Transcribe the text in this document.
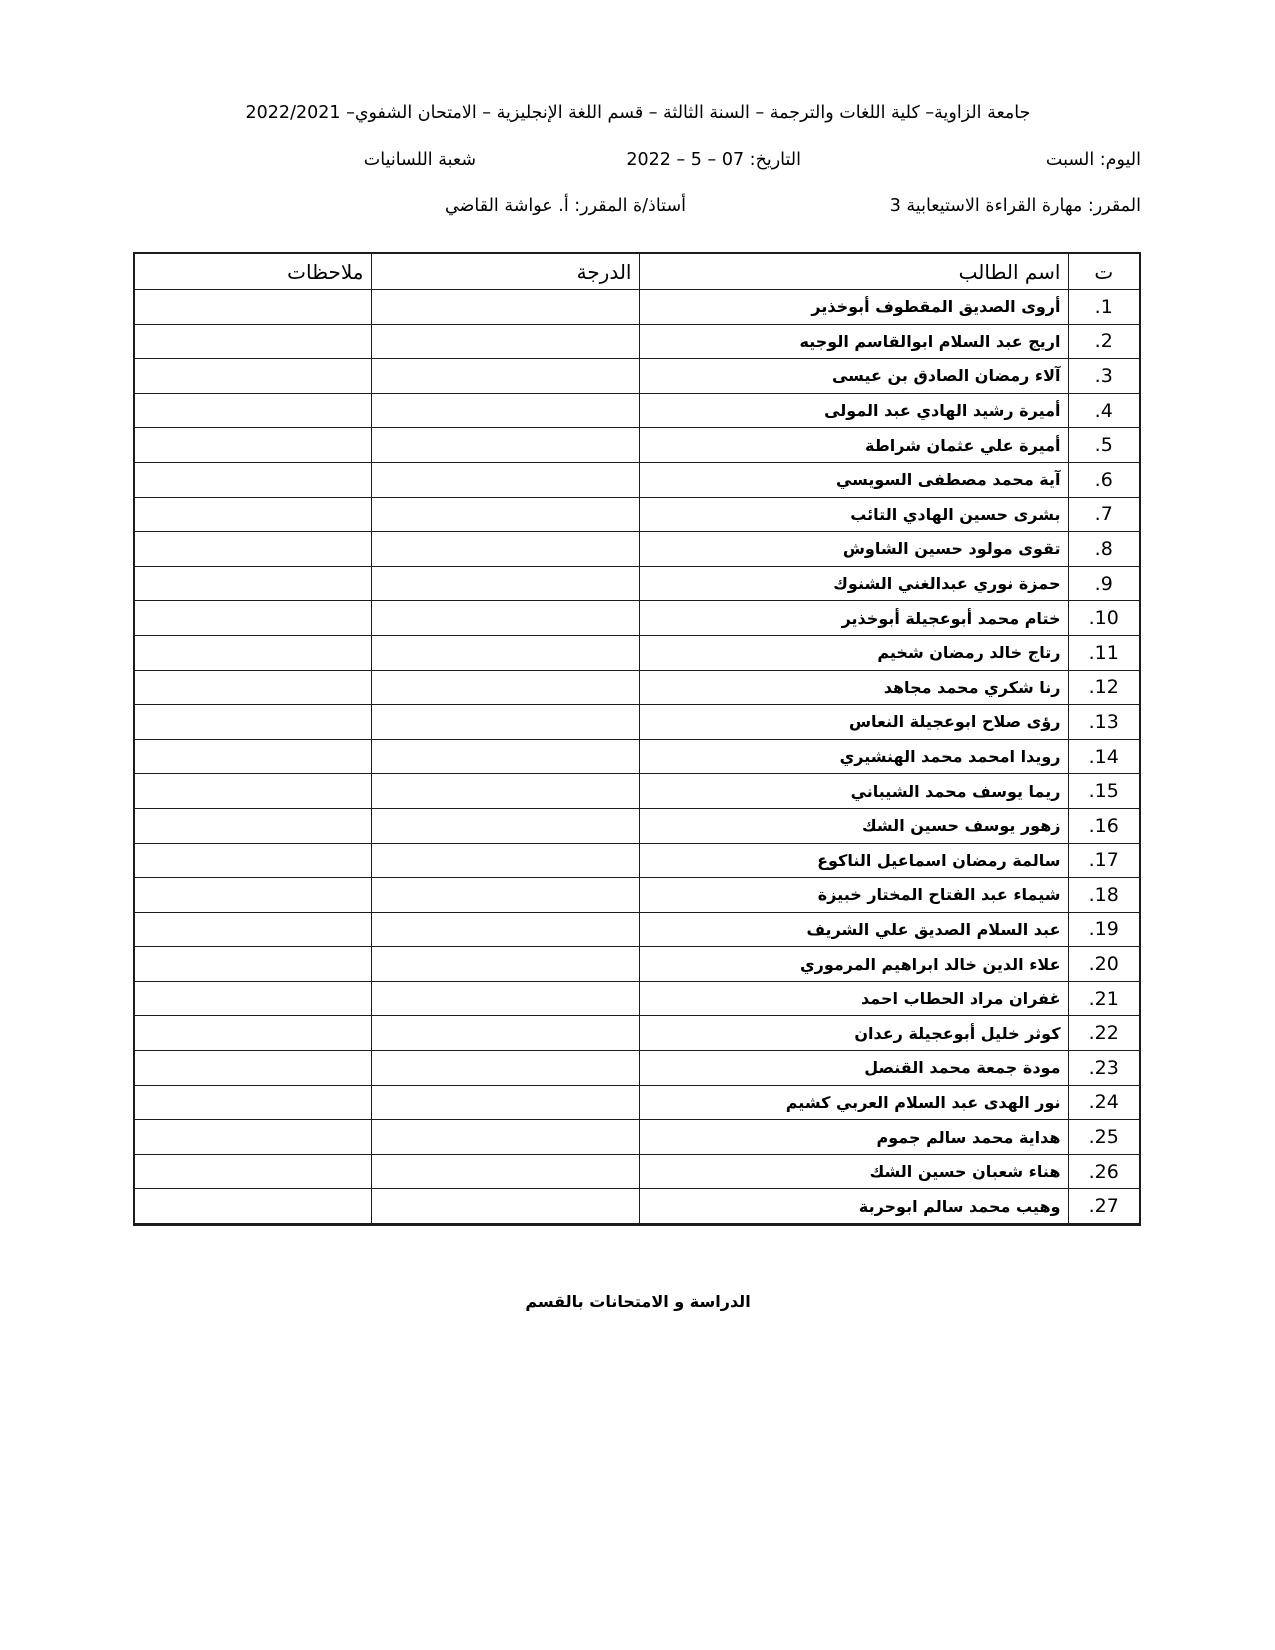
جامعة الزاوية– كلية اللغات والترجمة – السنة الثالثة – قسم اللغة الإنجليزية – الامتحان الشفوي– 2022/2021
اليوم: السبت
التاريخ: 07 – 5 – 2022
شعبة اللسانيات
المقرر: مهارة القراءة الاستيعابية 3
أستاذ/ة المقرر: أ. عواشة القاضي
ت	اسم الطالب	الدرجة	ملاحظات
1.	أروى الصديق المقطوف أبوخذير		
2.	اريج عبد السلام ابوالقاسم الوجيه		
3.	آلاء رمضان الصادق بن عيسى		
4.	أميرة رشيد الهادي عبد المولى		
5.	أميرة علي عثمان شراطة		
6.	آية محمد مصطفى السويسي		
7.	بشرى حسين الهادي التائب		
8.	تقوى مولود حسين الشاوش		
9.	حمزة نوري عبدالغني الشنوك		
10.	ختام محمد أبوعجيلة أبوخذير		
11.	رتاج خالد رمضان شخيم		
12.	رنا شكري محمد مجاهد		
13.	رؤى صلاح ابوعجيلة النعاس		
14.	رويدا امحمد محمد الهنشيري		
15.	ريما يوسف محمد الشيباني		
16.	زهور يوسف حسين الشك		
17.	سالمة رمضان اسماعيل الناكوع		
18.	شيماء عبد الفتاح المختار خبيزة		
19.	عبد السلام الصديق علي الشريف		
20.	علاء الدين خالد ابراهيم المرموري		
21.	غفران مراد الحطاب احمد		
22.	كوثر خليل أبوعجيلة رعدان		
23.	مودة جمعة محمد القنصل		
24.	نور الهدى عبد السلام العربي كشيم		
25.	هداية محمد سالم جموم		
26.	هناء شعبان حسين الشك		
27.	وهيب محمد سالم ابوحربة		
الدراسة و الامتحانات بالقسم
